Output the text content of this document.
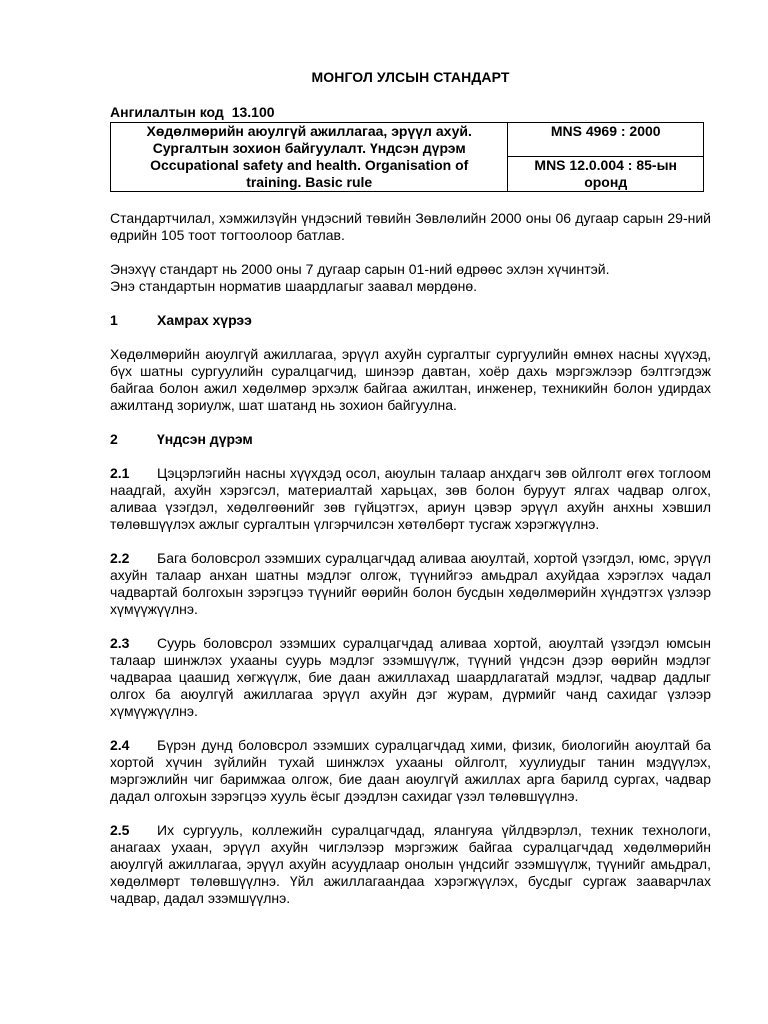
МОНГОЛ УЛСЫН СТАНДАРТ
Ангилалтын код 13.100
Хөдөлмөрийн аюулгүй ажиллагаа, эрүүл ахуй.
Сургалтын зохион байгуулалт. Үндсэн дүрэм
Occupational safety and health. Organisation of
training. Basic rule

MNS 4969 : 2000
MNS 12.0.004 : 85-ын
оронд

Стандартчилал, хэмжилзүйн үндэсний төвийн Зөвлөлийн 2000 оны 06 дугаар сарын 29-ний өдрийн 105 тоот тогтоолоор батлав.

Энэхүү стандарт нь 2000 оны 7 дугаар сарын 01-ний өдрөөс эхлэн хүчинтэй.

Энэ стандартын норматив шаардлагыг заавал мөрдөнө.

1	Хамрах хүрээ

Хөдөлмөрийн аюулгүй ажиллагаа, эрүүл ахуйн сургалтыг сургуулийн өмнөх насны хүүхэд, бүх шатны сургуулийн суралцагчид, шинээр давтан, хоёр дахь мэргэжлээр бэлтгэгдэж байгаа болон ажил хөдөлмөр эрхэлж байгаа ажилтан, инженер, техникийн болон удирдах ажилтанд зориулж, шат шатанд нь зохион байгуулна.

2	Үндсэн дүрэм

2.1 Цэцэрлэгийн насны хүүхдэд осол, аюулын талаар анхдагч зөв ойлголт өгөх тоглоом наадгай, ахуйн хэрэгсэл, материалтай харьцах, зөв болон буруут ялгах чадвар олгох, аливаа үзэгдэл, хөдөлгөөнийг зөв гүйцэтгэх, ариун цэвэр эрүүл ахуйн анхны хэвшил төлөвшүүлэх ажлыг сургалтын үлгэрчилсэн хөтөлбөрт тусгаж хэрэгжүүлнэ.

2.2 Бага боловсрол эзэмших суралцагчдад аливаа аюултай, хортой үзэгдэл, юмс, эрүүл ахуйн талаар анхан шатны мэдлэг олгож, түүнийгээ амьдрал ахуйдаа хэрэглэх чадал чадвартай болгохын зэрэгцээ түүнийг өөрийн болон бусдын хөдөлмөрийн хүндэтгэх үзлээр хүмүүжүүлнэ.

2.3 Суурь боловсрол эзэмших суралцагчдад аливаа хортой, аюултай үзэгдэл юмсын талаар шинжлэх ухааны суурь мэдлэг эзэмшүүлж, түүний үндсэн дээр өөрийн мэдлэг чадвараа цаашид хөгжүүлж, бие даан ажиллахад шаардлагатай мэдлэг, чадвар дадлыг олгох ба аюулгүй ажиллагаа эрүүл ахуйн дэг журам, дүрмийг чанд сахидаг үзлээр хүмүүжүүлнэ.

2.4 Бүрэн дунд боловсрол эзэмших суралцагчдад хими, физик, биологийн аюултай ба хортой хүчин зүйлийн тухай шинжлэх ухааны ойлголт, хуулиудыг танин мэдүүлэх, мэргэжлийн чиг баримжаа олгож, бие даан аюулгүй ажиллах арга барилд сургах, чадвар дадал олгохын зэрэгцээ хууль ёсыг дээдлэн сахидаг үзэл төлөвшүүлнэ.

2.5 Их сургууль, коллежийн суралцагчдад, ялангуяа үйлдвэрлэл, техник технологи, анагаах ухаан, эрүүл ахуйн чиглэлээр мэргэжиж байгаа суралцагчдад хөдөлмөрийн аюулгүй ажиллагаа, эрүүл ахуйн асуудлаар онолын үндсийг эзэмшүүлж, түүнийг амьдрал, хөдөлмөрт төлөвшүүлнэ. Үйл ажиллагаандаа хэрэгжүүлэх, бусдыг сургаж зааварчлах чадвар, дадал эзэмшүүлнэ.
